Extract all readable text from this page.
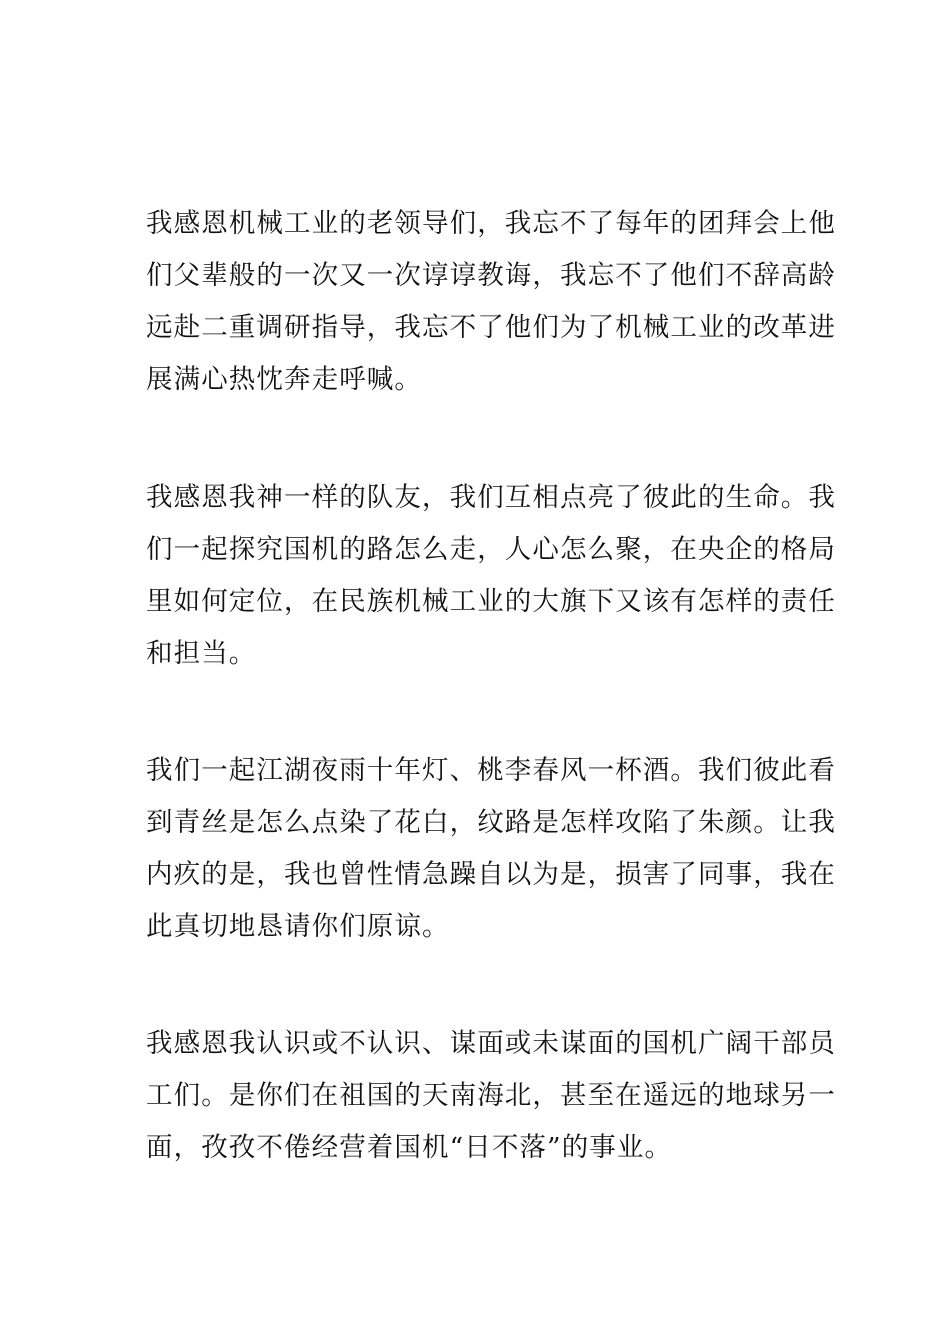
我感恩机械工业的老领导们，我忘不了每年的团拜会上他
们父辈般的一次又一次谆谆教诲，我忘不了他们不辞高龄
远赴二重调研指导，我忘不了他们为了机械工业的改革进
展满心热忱奔走呼喊。

我感恩我神一样的队友，我们互相点亮了彼此的生命。我
们一起探究国机的路怎么走，人心怎么聚，在央企的格局
里如何定位，在民族机械工业的大旗下又该有怎样的责任
和担当。

我们一起江湖夜雨十年灯、桃李春风一杯酒。我们彼此看
到青丝是怎么点染了花白，纹路是怎样攻陷了朱颜。让我
内疚的是，我也曾性情急躁自以为是，损害了同事，我在
此真切地恳请你们原谅。

我感恩我认识或不认识、谋面或未谋面的国机广阔干部员
工们。是你们在祖国的天南海北，甚至在遥远的地球另一
面，孜孜不倦经营着国机“日不落”的事业。
